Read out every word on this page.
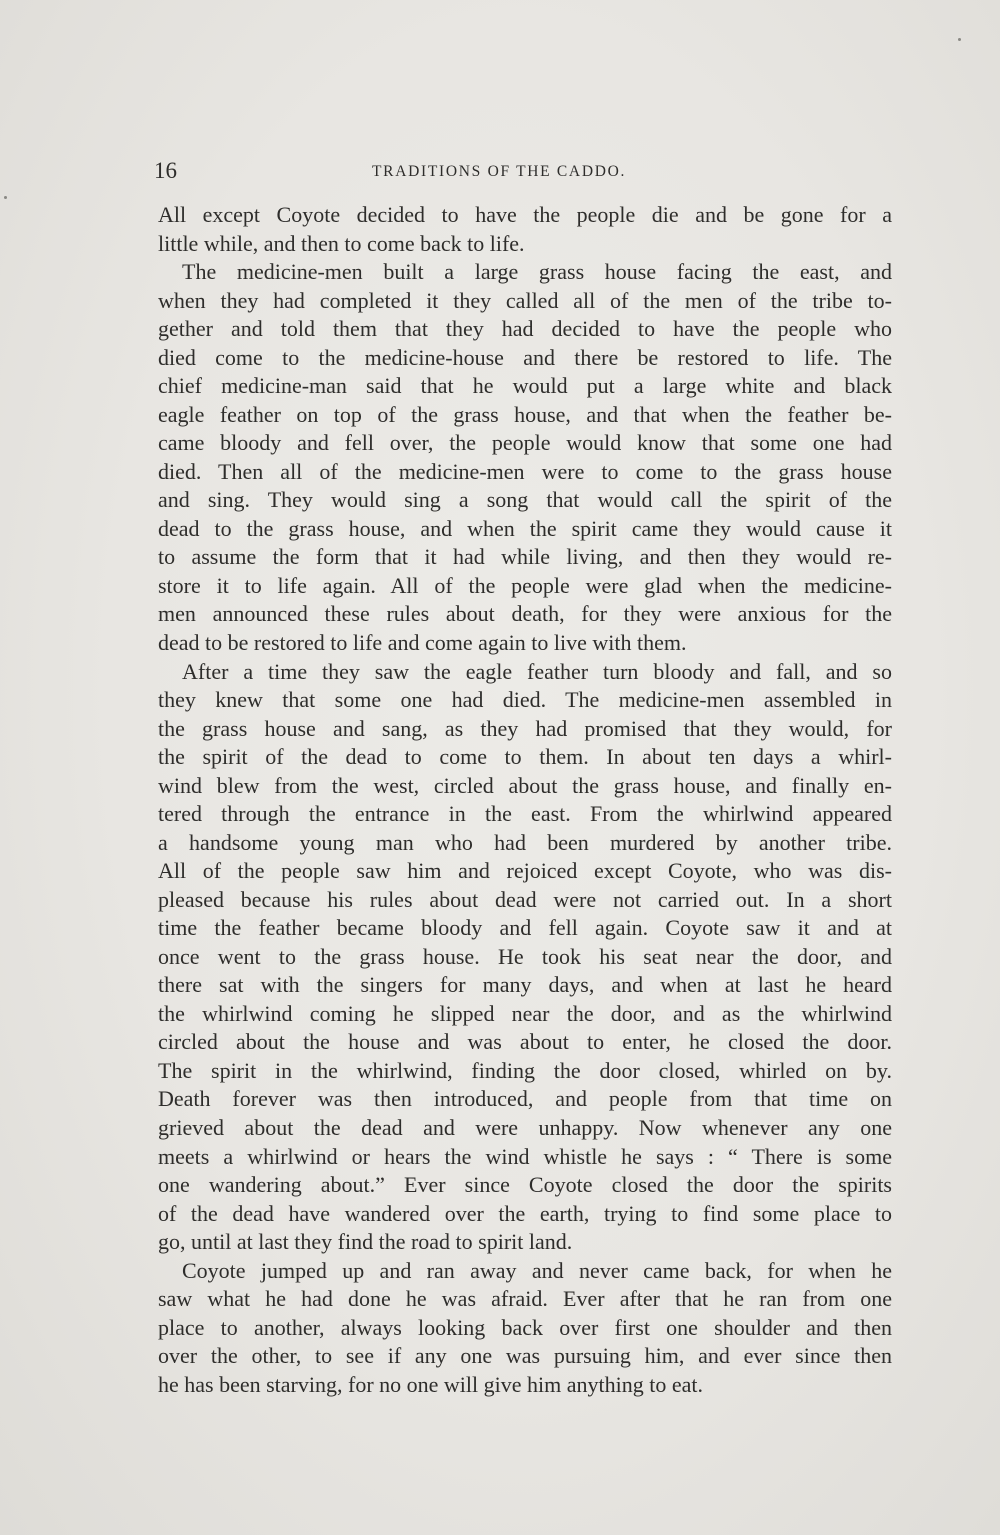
16	TRADITIONS OF THE CADDO.
All except Coyote decided to have the people die and be gone for a
little while, and then to come back to life.
The medicine-men built a large grass house facing the east, and
when they had completed it they called all of the men of the tribe to-
gether and told them that they had decided to have the people who
died come to the medicine-house and there be restored to life. The
chief medicine-man said that he would put a large white and black
eagle feather on top of the grass house, and that when the feather be-
came bloody and fell over, the people would know that some one had
died. Then all of the medicine-men were to come to the grass house
and sing. They would sing a song that would call the spirit of the
dead to the grass house, and when the spirit came they would cause it
to assume the form that it had while living, and then they would re-
store it to life again. All of the people were glad when the medicine-
men announced these rules about death, for they were anxious for the
dead to be restored to life and come again to live with them.
After a time they saw the eagle feather turn bloody and fall, and so
they knew that some one had died. The medicine-men assembled in
the grass house and sang, as they had promised that they would, for
the spirit of the dead to come to them. In about ten days a whirl-
wind blew from the west, circled about the grass house, and finally en-
tered through the entrance in the east. From the whirlwind appeared
a handsome young man who had been murdered by another tribe.
All of the people saw him and rejoiced except Coyote, who was dis-
pleased because his rules about dead were not carried out. In a short
time the feather became bloody and fell again. Coyote saw it and at
once went to the grass house. He took his seat near the door, and
there sat with the singers for many days, and when at last he heard
the whirlwind coming he slipped near the door, and as the whirlwind
circled about the house and was about to enter, he closed the door.
The spirit in the whirlwind, finding the door closed, whirled on by.
Death forever was then introduced, and people from that time on
grieved about the dead and were unhappy. Now whenever any one
meets a whirlwind or hears the wind whistle he says : “ There is some
one wandering about.” Ever since Coyote closed the door the spirits
of the dead have wandered over the earth, trying to find some place to
go, until at last they find the road to spirit land.
Coyote jumped up and ran away and never came back, for when he
saw what he had done he was afraid. Ever after that he ran from one
place to another, always looking back over first one shoulder and then
over the other, to see if any one was pursuing him, and ever since then
he has been starving, for no one will give him anything to eat.
